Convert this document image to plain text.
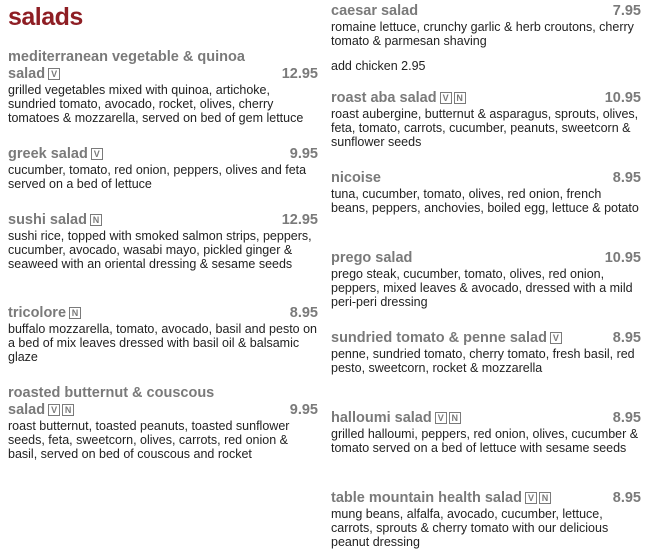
salads
mediterranean vegetable & quinoa salad V	12.95
grilled vegetables mixed with quinoa, artichoke, sundried tomato, avocado, rocket, olives, cherry tomatoes & mozzarella, served on bed of gem lettuce
greek salad V	9.95
cucumber, tomato, red onion, peppers, olives and feta served on a bed of lettuce
sushi salad N	12.95
sushi rice, topped with smoked salmon strips, peppers, cucumber, avocado, wasabi mayo, pickled ginger & seaweed with an oriental dressing & sesame seeds
tricolore N	8.95
buffalo mozzarella, tomato, avocado, basil and pesto on a bed of mix leaves dressed with basil oil & balsamic glaze
roasted butternut & couscous salad V N	9.95
roast butternut, toasted peanuts, toasted sunflower seeds, feta, sweetcorn, olives, carrots, red onion & basil, served on bed of couscous and rocket
caesar salad	7.95
romaine lettuce, crunchy garlic & herb croutons, cherry tomato & parmesan shaving
add chicken 2.95
roast aba salad V N	10.95
roast aubergine, butternut & asparagus, sprouts, olives, feta, tomato, carrots, cucumber, peanuts, sweetcorn & sunflower seeds
nicoise	8.95
tuna, cucumber, tomato, olives, red onion, french beans, peppers, anchovies, boiled egg, lettuce & potato
prego salad	10.95
prego steak, cucumber, tomato, olives, red onion, peppers, mixed leaves & avocado, dressed with a mild peri-peri dressing
sundried tomato & penne salad V	8.95
penne, sundried tomato, cherry tomato, fresh basil, red pesto, sweetcorn, rocket & mozzarella
halloumi salad V N	8.95
grilled halloumi, peppers, red onion, olives, cucumber & tomato served on a bed of lettuce with sesame seeds
table mountain health salad V N	8.95
mung beans, alfalfa, avocado, cucumber, lettuce, carrots, sprouts & cherry tomato with our delicious peanut dressing
